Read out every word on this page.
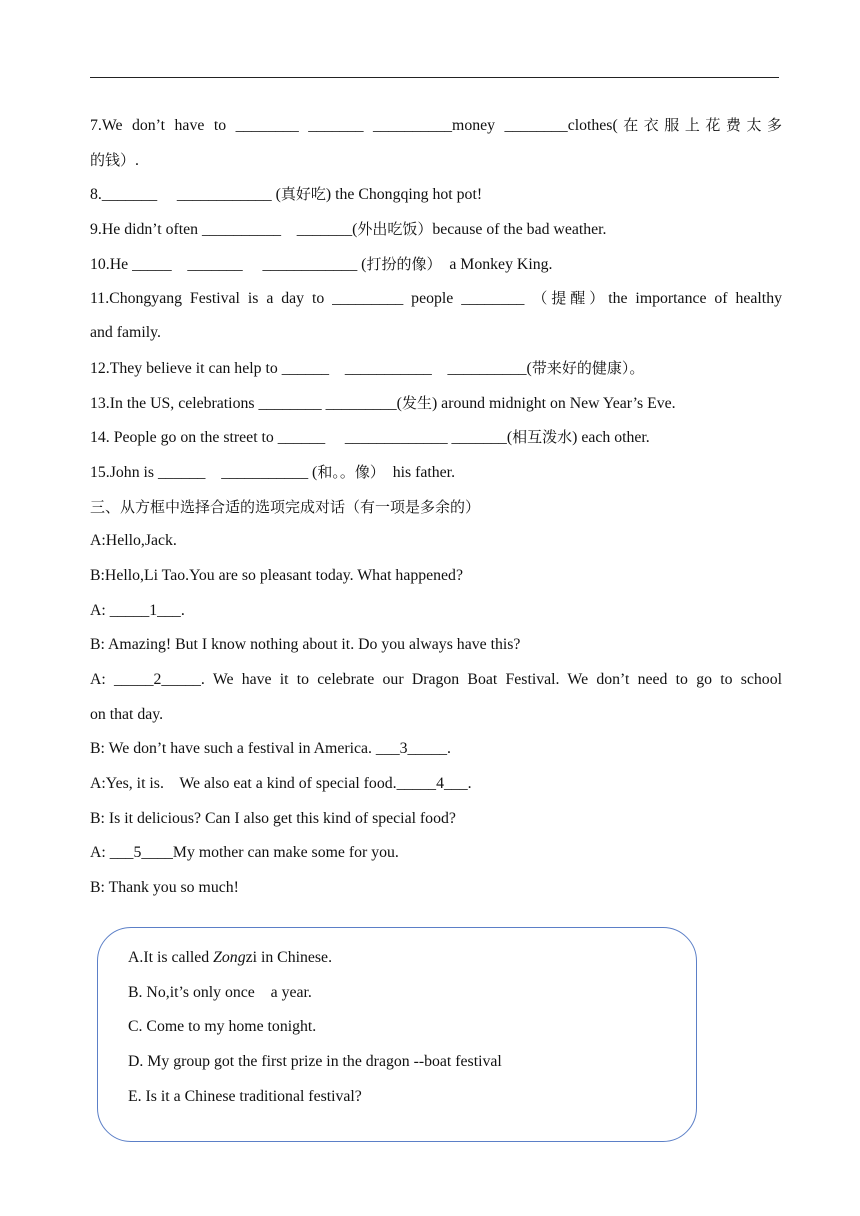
7.We don’t have to ________ _______ __________money ________clothes(在衣服上花费太多
的钱）.
8._______     ____________ (真好吃) the Chongqing hot pot!
9.He didn’t often __________    _______(外出吃饭）because of the bad weather.
10.He _____    _______     ____________ (打扮的像）  a Monkey King.
11.Chongyang Festival is a day to _________ people ________ （提醒）the importance of healthy
and family.
12.They believe it can help to ______    ___________    __________(带来好的健康）。
13.In the US, celebrations ________ _________(发生) around midnight on New Year’s Eve.
14. People go on the street to ______     _____________ _______(相互泼水) each other.
15.John is ______    ___________ (和。。像）  his father.
三、从方框中选择合适的选项完成对话（有一项是多余的）
A:Hello,Jack.
B:Hello,Li Tao.You are so pleasant today. What happened?
A: _____1___.
B: Amazing! But I know nothing about it. Do you always have this?
A: _____2_____. We have it to celebrate our Dragon Boat Festival. We don’t need to go to school
on that day.
B: We don’t have such a festival in America. ___3_____.
A:Yes, it is.    We also eat a kind of special food._____4___.
B: Is it delicious? Can I also get this kind of special food?
A: ___5____My mother can make some for you.
B: Thank you so much!
A.It is called Zongzi in Chinese.
B. No,it’s only once    a year.
C. Come to my home tonight.
D. My group got the first prize in the dragon --boat festival
E. Is it a Chinese traditional festival?
